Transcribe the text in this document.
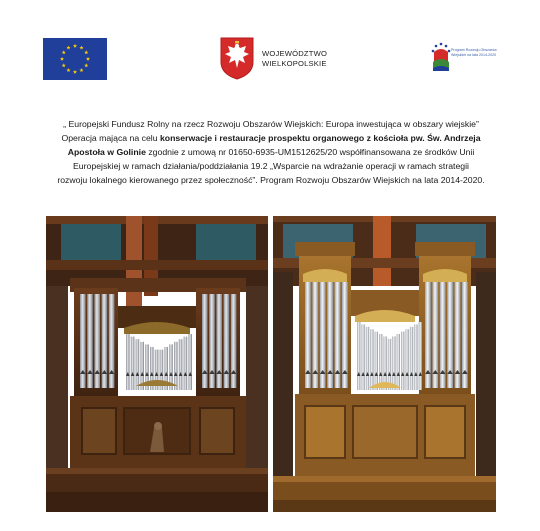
WOJEWÓDZTWO
WIELKOPOLSKIE
Program Rozwoju Obszarów Wiejskich na lata 2014-2020
„ Europejski Fundusz Rolny na rzecz Rozwoju Obszarów Wiejskich: Europa inwestująca w obszary wiejskie”
Operacja mająca na celu konserwacje i restauracje prospektu organowego z kościoła pw. Św. Andrzeja
Apostoła w Golinie zgodnie z umową nr 01650-6935-UM1512625/20 współfinansowana ze środków Unii
Europejskiej w ramach działania/poddziałania 19.2 „Wsparcie na wdrażanie operacji w ramach strategii
rozwoju lokalnego kierowanego przez społeczność”. Program Rozwoju Obszarów Wiejskich na lata 2014-2020.
